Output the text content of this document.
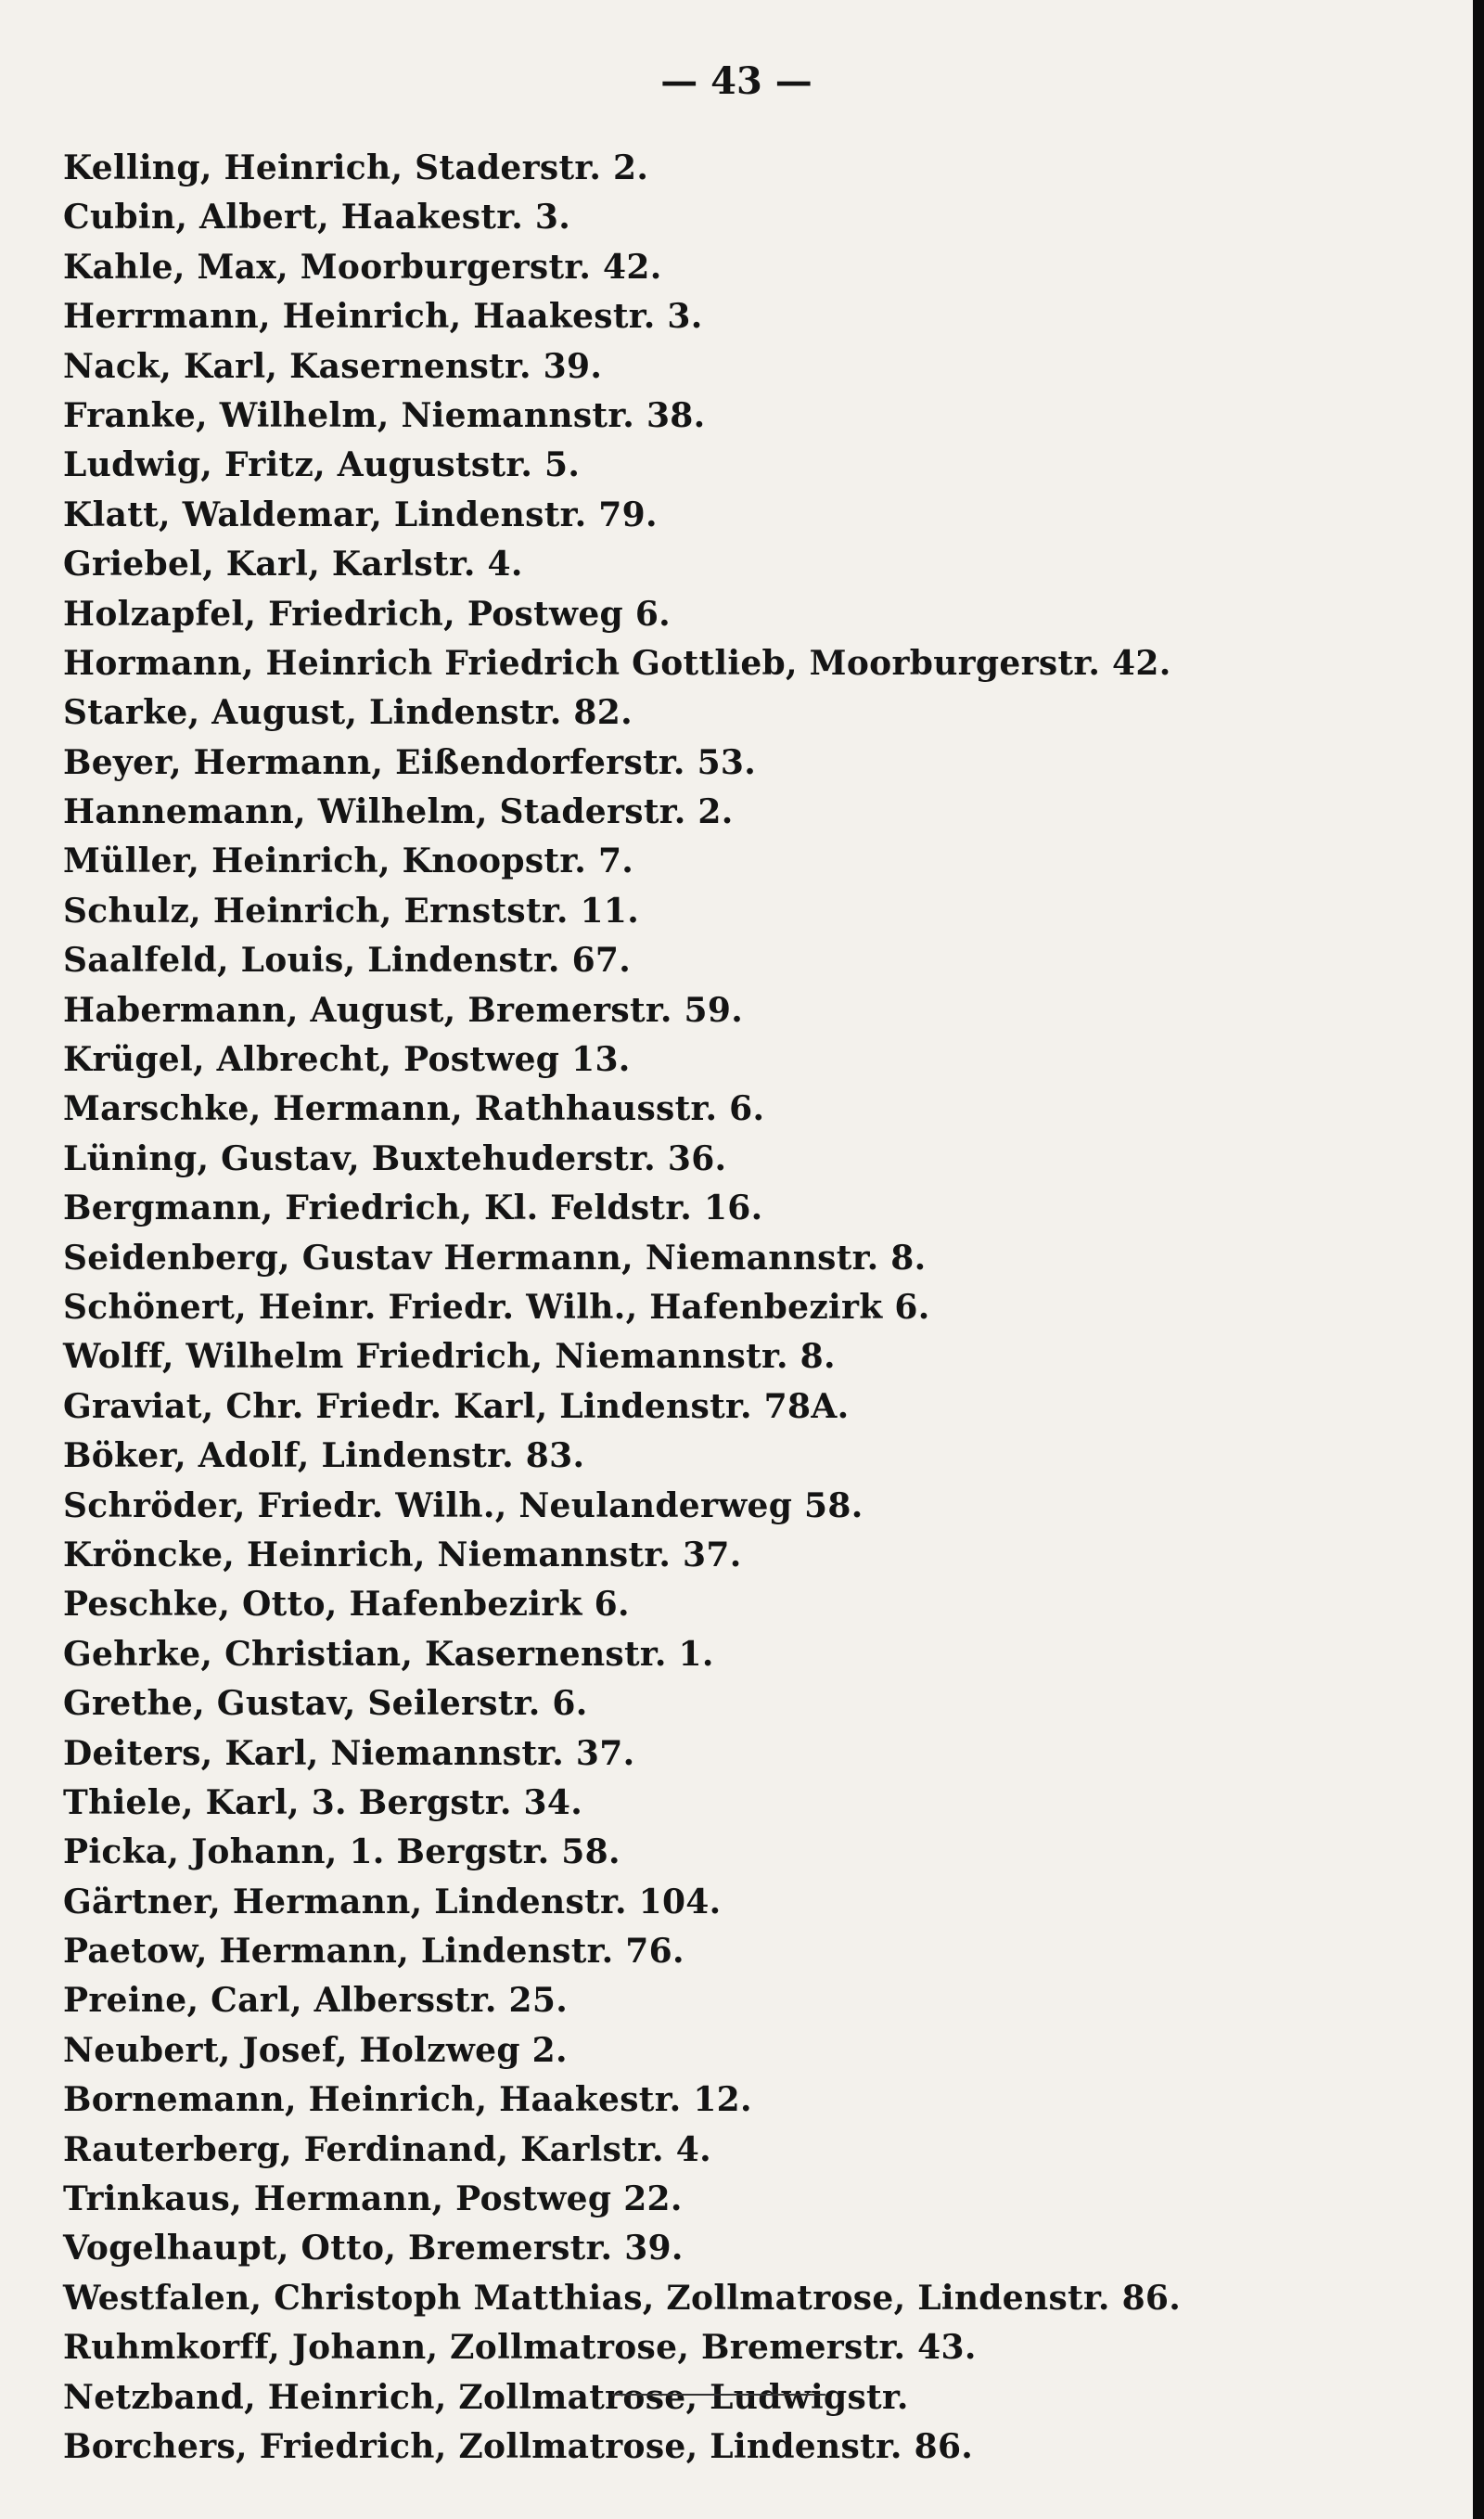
— 43 —
Kelling, Heinrich, Staderstr. 2.
Cubin, Albert, Haakestr. 3.
Kahle, Max, Moorburgerstr. 42.
Herrmann, Heinrich, Haakestr. 3.
Nack, Karl, Kasernenstr. 39.
Franke, Wilhelm, Niemannstr. 38.
Ludwig, Fritz, Auguststr. 5.
Klatt, Waldemar, Lindenstr. 79.
Griebel, Karl, Karlstr. 4.
Holzapfel, Friedrich, Postweg 6.
Hormann, Heinrich Friedrich Gottlieb, Moorburgerstr. 42.
Starke, August, Lindenstr. 82.
Beyer, Hermann, Eißendorferstr. 53.
Hannemann, Wilhelm, Staderstr. 2.
Müller, Heinrich, Knoopstr. 7.
Schulz, Heinrich, Ernststr. 11.
Saalfeld, Louis, Lindenstr. 67.
Habermann, August, Bremerstr. 59.
Krügel, Albrecht, Postweg 13.
Marschke, Hermann, Rathhausstr. 6.
Lüning, Gustav, Buxtehuderstr. 36.
Bergmann, Friedrich, Kl. Feldstr. 16.
Seidenberg, Gustav Hermann, Niemannstr. 8.
Schönert, Heinr. Friedr. Wilh., Hafenbezirk 6.
Wolff, Wilhelm Friedrich, Niemannstr. 8.
Graviat, Chr. Friedr. Karl, Lindenstr. 78A.
Böker, Adolf, Lindenstr. 83.
Schröder, Friedr. Wilh., Neulanderweg 58.
Kröncke, Heinrich, Niemannstr. 37.
Peschke, Otto, Hafenbezirk 6.
Gehrke, Christian, Kasernenstr. 1.
Grethe, Gustav, Seilerstr. 6.
Deiters, Karl, Niemannstr. 37.
Thiele, Karl, 3. Bergstr. 34.
Picka, Johann, 1. Bergstr. 58.
Gärtner, Hermann, Lindenstr. 104.
Paetow, Hermann, Lindenstr. 76.
Preine, Carl, Albersstr. 25.
Neubert, Josef, Holzweg 2.
Bornemann, Heinrich, Haakestr. 12.
Rauterberg, Ferdinand, Karlstr. 4.
Trinkaus, Hermann, Postweg 22.
Vogelhaupt, Otto, Bremerstr. 39.
Westfalen, Christoph Matthias, Zollmatrose, Lindenstr. 86.
Ruhmkorff, Johann, Zollmatrose, Bremerstr. 43.
Netzband, Heinrich, Zollmatrose, Ludwigstr.
Borchers, Friedrich, Zollmatrose, Lindenstr. 86.
